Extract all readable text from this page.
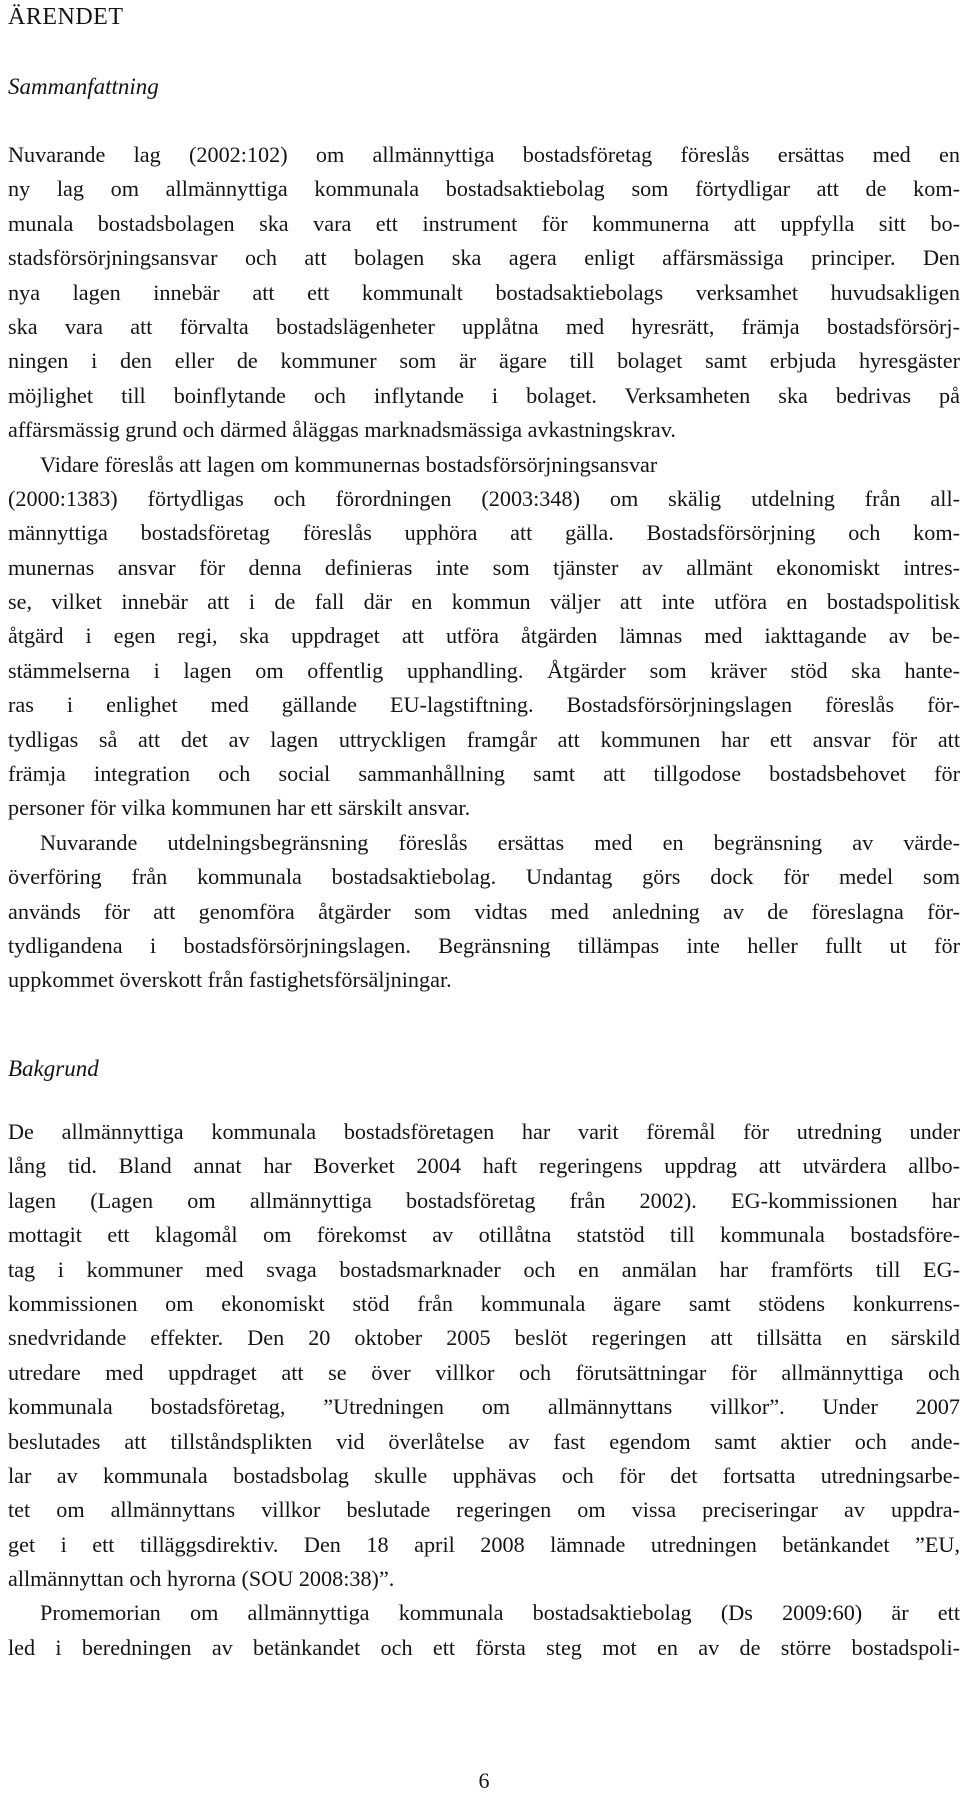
ÄRENDET
Sammanfattning
Nuvarande lag (2002:102) om allmännyttiga bostadsföretag föreslås ersättas med en
ny lag om allmännyttiga kommunala bostadsaktiebolag som förtydligar att de kom-
munala bostadsbolagen ska vara ett instrument för kommunerna att uppfylla sitt bo-
stadsförsörjningsansvar och att bolagen ska agera enligt affärsmässiga principer. Den
nya lagen innebär att ett kommunalt bostadsaktiebolags verksamhet huvudsakligen
ska vara att förvalta bostadslägenheter upplåtna med hyresrätt, främja bostadsförsörj-
ningen i den eller de kommuner som är ägare till bolaget samt erbjuda hyresgäster
möjlighet till boinflytande och inflytande i bolaget. Verksamheten ska bedrivas på
affärsmässig grund och därmed åläggas marknadsmässiga avkastningskrav.
Vidare föreslås att lagen om kommunernas bostadsförsörjningsansvar
(2000:1383) förtydligas och förordningen (2003:348) om skälig utdelning från all-
männyttiga bostadsföretag föreslås upphöra att gälla. Bostadsförsörjning och kom-
munernas ansvar för denna definieras inte som tjänster av allmänt ekonomiskt intres-
se, vilket innebär att i de fall där en kommun väljer att inte utföra en bostadspolitisk
åtgärd i egen regi, ska uppdraget att utföra åtgärden lämnas med iakttagande av be-
stämmelserna i lagen om offentlig upphandling. Åtgärder som kräver stöd ska hante-
ras i enlighet med gällande EU-lagstiftning. Bostadsförsörjningslagen föreslås för-
tydligas så att det av lagen uttryckligen framgår att kommunen har ett ansvar för att
främja integration och social sammanhållning samt att tillgodose bostadsbehovet för
personer för vilka kommunen har ett särskilt ansvar.
Nuvarande utdelningsbegränsning föreslås ersättas med en begränsning av värde-
överföring från kommunala bostadsaktiebolag. Undantag görs dock för medel som
används för att genomföra åtgärder som vidtas med anledning av de föreslagna för-
tydligandena i bostadsförsörjningslagen. Begränsning tillämpas inte heller fullt ut för
uppkommet överskott från fastighetsförsäljningar.
Bakgrund
De allmännyttiga kommunala bostadsföretagen har varit föremål för utredning under
lång tid. Bland annat har Boverket 2004 haft regeringens uppdrag att utvärdera allbo-
lagen (Lagen om allmännyttiga bostadsföretag från 2002). EG-kommissionen har
mottagit ett klagomål om förekomst av otillåtna statstöd till kommunala bostadsföre-
tag i kommuner med svaga bostadsmarknader och en anmälan har framförts till EG-
kommissionen om ekonomiskt stöd från kommunala ägare samt stödens konkurrens-
snedvridande effekter. Den 20 oktober 2005 beslöt regeringen att tillsätta en särskild
utredare med uppdraget att se över villkor och förutsättningar för allmännyttiga och
kommunala bostadsföretag, ”Utredningen om allmännyttans villkor”. Under 2007
beslutades att tillståndsplikten vid överlåtelse av fast egendom samt aktier och ande-
lar av kommunala bostadsbolag skulle upphävas och för det fortsatta utredningsarbe-
tet om allmännyttans villkor beslutade regeringen om vissa preciseringar av uppdra-
get i ett tilläggsdirektiv. Den 18 april 2008 lämnade utredningen betänkandet ”EU,
allmännyttan och hyrorna (SOU 2008:38)”.
Promemorian om allmännyttiga kommunala bostadsaktiebolag (Ds 2009:60) är ett
led i beredningen av betänkandet och ett första steg mot en av de större bostadspoli-
6
